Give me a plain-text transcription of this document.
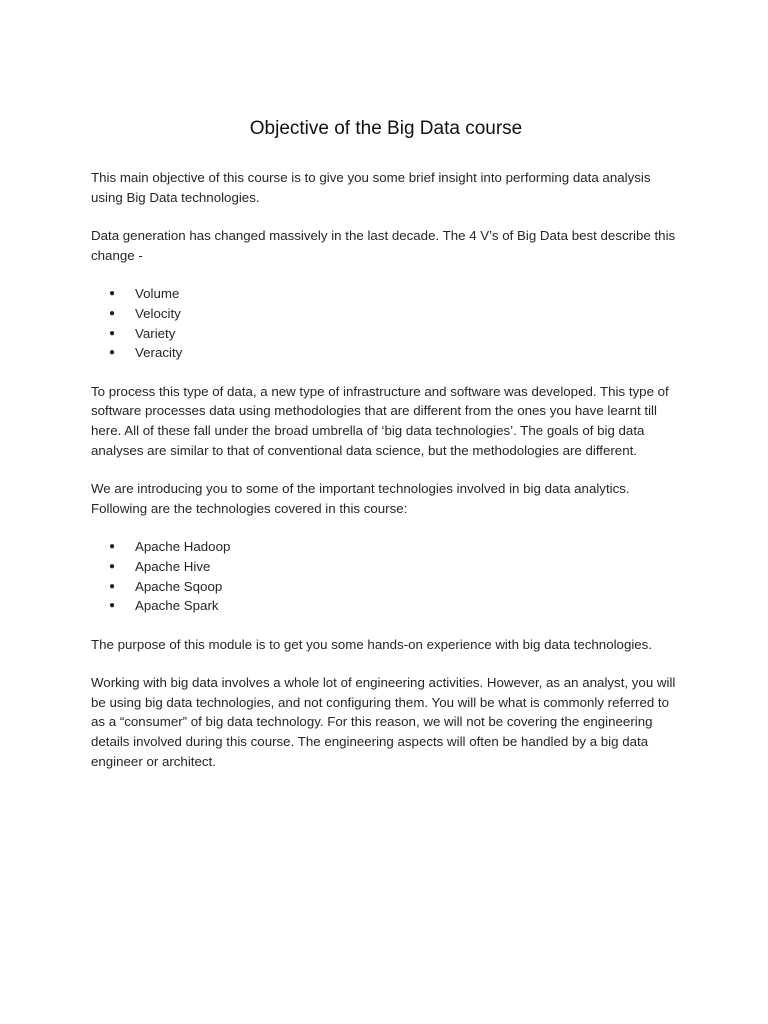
Objective of the Big Data course

This main objective of this course is to give you some brief insight into performing data analysis using Big Data technologies.

Data generation has changed massively in the last decade. The 4 V’s of Big Data best describe this change -

● Volume
● Velocity
● Variety
● Veracity

To process this type of data, a new type of infrastructure and software was developed. This type of software processes data using methodologies that are different from the ones you have learnt till here. All of these fall under the broad umbrella of ‘big data technologies’. The goals of big data analyses are similar to that of conventional data science, but the methodologies are different.

We are introducing you to some of the important technologies involved in big data analytics. Following are the technologies covered in this course:

● Apache Hadoop
● Apache Hive
● Apache Sqoop
● Apache Spark

The purpose of this module is to get you some hands-on experience with big data technologies.

Working with big data involves a whole lot of engineering activities. However, as an analyst, you will be using big data technologies, and not configuring them. You will be what is commonly referred to as a “consumer” of big data technology. For this reason, we will not be covering the engineering details involved during this course. The engineering aspects will often be handled by a big data engineer or architect.
